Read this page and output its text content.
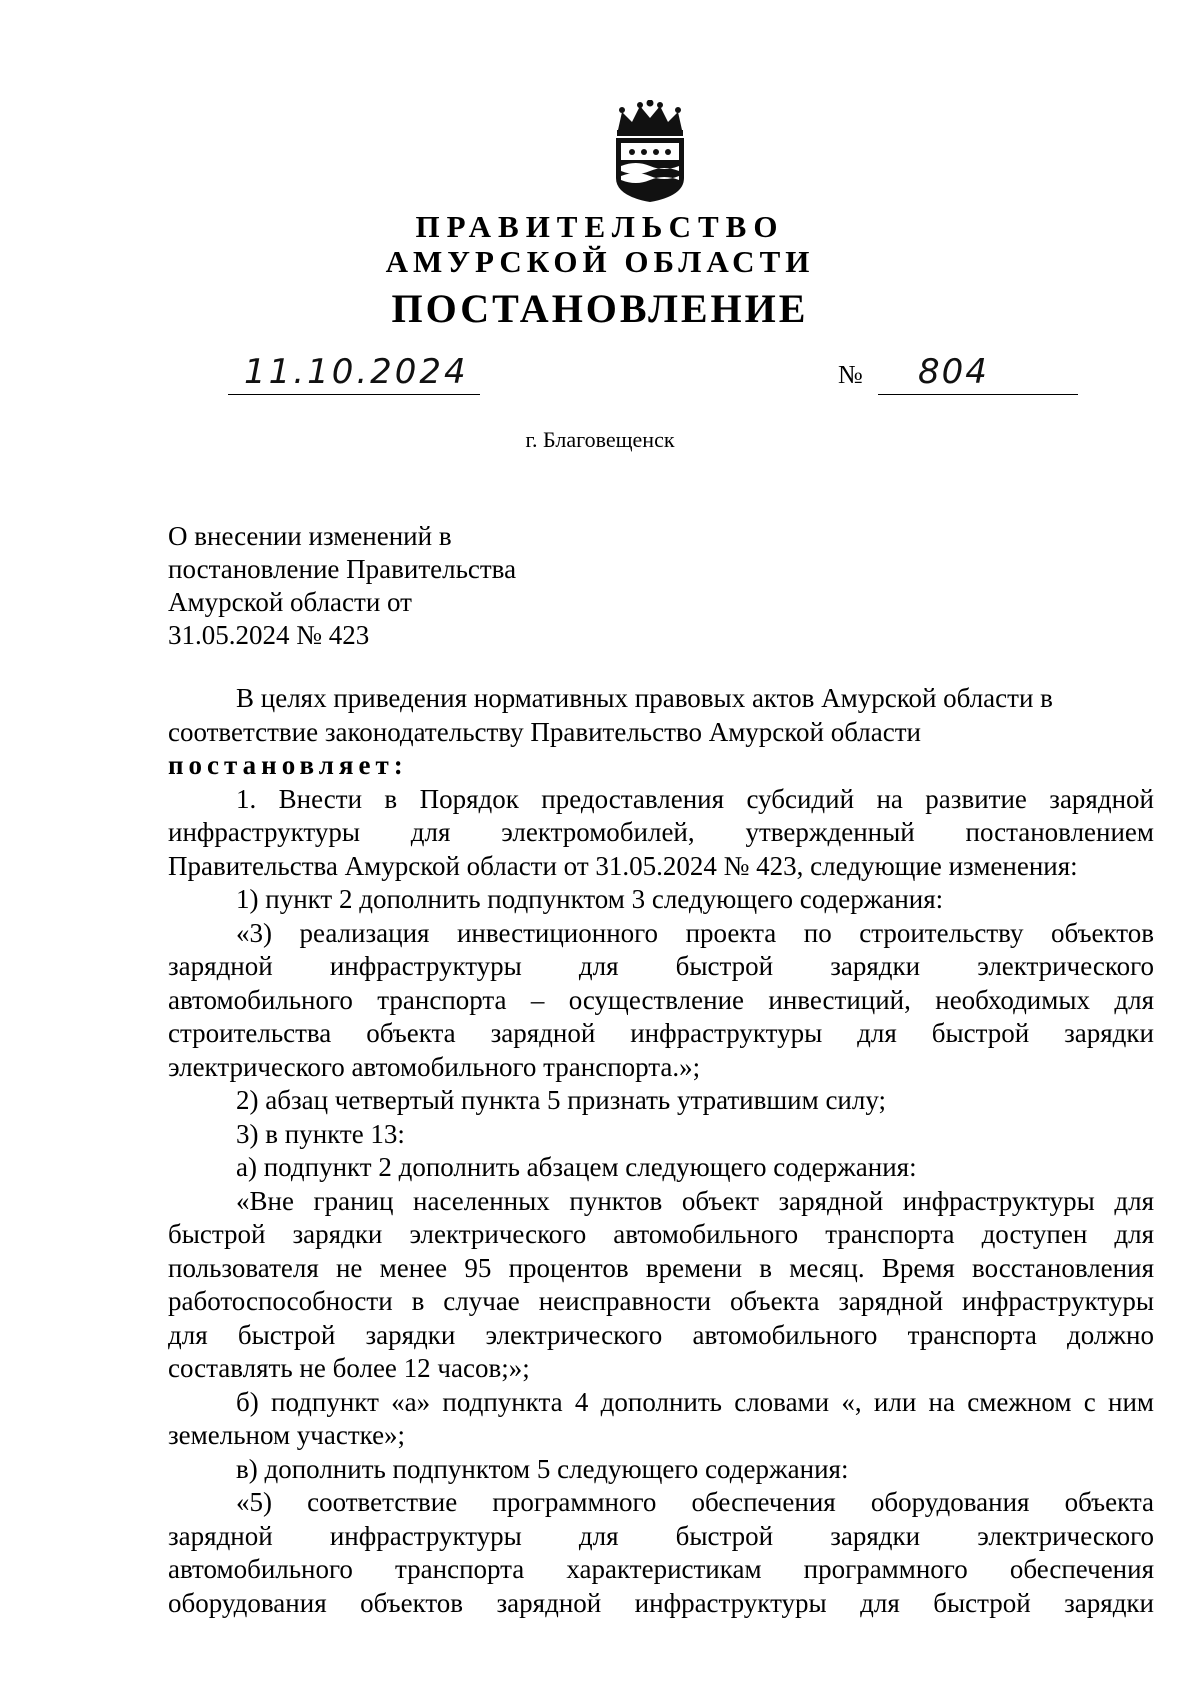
ПРАВИТЕЛЬСТВО
АМУРСКОЙ ОБЛАСТИ
ПОСТАНОВЛЕНИЕ
11.10.2024	№ 804
г. Благовещенск
О внесении изменений в
постановление Правительства
Амурской области от
31.05.2024 № 423

В целях приведения нормативных правовых актов Амурской области в

соответствие законодательству Правительство Амурской области

постановляет:

1. Внести в Порядок предоставления субсидий на развитие зарядной

инфраструктуры для электромобилей, утвержденный постановлением

Правительства Амурской области от 31.05.2024 № 423, следующие изменения:

1) пункт 2 дополнить подпунктом 3 следующего содержания:

«3) реализация инвестиционного проекта по строительству объектов

зарядной инфраструктуры для быстрой зарядки электрического

автомобильного транспорта – осуществление инвестиций, необходимых для

строительства объекта зарядной инфраструктуры для быстрой зарядки

электрического автомобильного транспорта.»;

2) абзац четвертый пункта 5 признать утратившим силу;

3) в пункте 13:

а) подпункт 2 дополнить абзацем следующего содержания:

«Вне границ населенных пунктов объект зарядной инфраструктуры для

быстрой зарядки электрического автомобильного транспорта доступен для

пользователя не менее 95 процентов времени в месяц. Время восстановления

работоспособности в случае неисправности объекта зарядной инфраструктуры

для быстрой зарядки электрического автомобильного транспорта должно

составлять не более 12 часов;»;

б) подпункт «а» подпункта 4 дополнить словами «, или на смежном с ним

земельном участке»;

в) дополнить подпунктом 5 следующего содержания:

«5) соответствие программного обеспечения оборудования объекта

зарядной инфраструктуры для быстрой зарядки электрического

автомобильного транспорта характеристикам программного обеспечения

оборудования объектов зарядной инфраструктуры для быстрой зарядки
